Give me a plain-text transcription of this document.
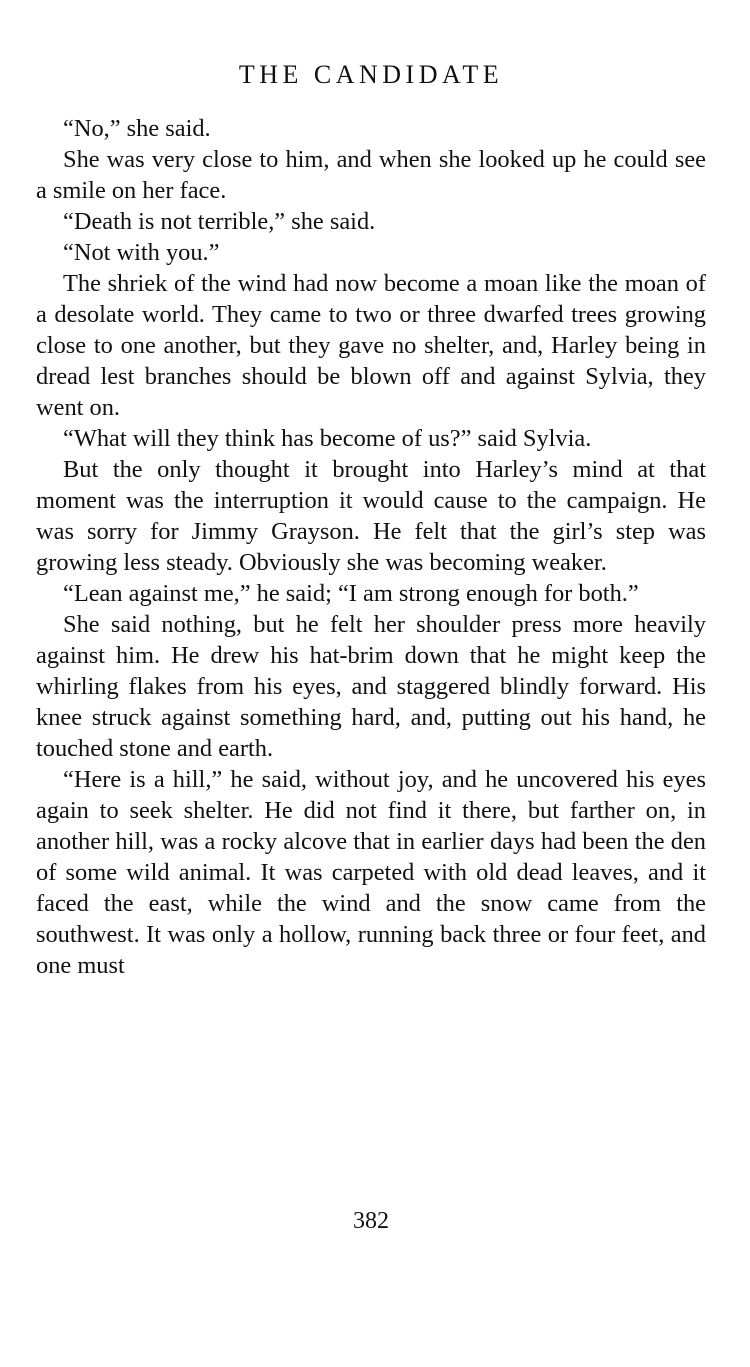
THE CANDIDATE

“No,” she said.

She was very close to him, and when she looked up he could see a smile on her face.

“Death is not terrible,” she said.

“Not with you.”

The shriek of the wind had now become a moan like the moan of a desolate world. They came to two or three dwarfed trees growing close to one another, but they gave no shelter, and, Harley being in dread lest branches should be blown off and against Sylvia, they went on.

“What will they think has become of us?” said Sylvia.

But the only thought it brought into Harley’s mind at that moment was the interruption it would cause to the campaign. He was sorry for Jimmy Grayson. He felt that the girl’s step was growing less steady. Obviously she was becoming weaker.

“Lean against me,” he said; “I am strong enough for both.”

She said nothing, but he felt her shoulder press more heavily against him. He drew his hat-brim down that he might keep the whirling flakes from his eyes, and staggered blindly forward. His knee struck against something hard, and, putting out his hand, he touched stone and earth.

“Here is a hill,” he said, without joy, and he uncovered his eyes again to seek shelter. He did not find it there, but farther on, in another hill, was a rocky alcove that in earlier days had been the den of some wild animal. It was carpeted with old dead leaves, and it faced the east, while the wind and the snow came from the southwest. It was only a hollow, running back three or four feet, and one must

382
